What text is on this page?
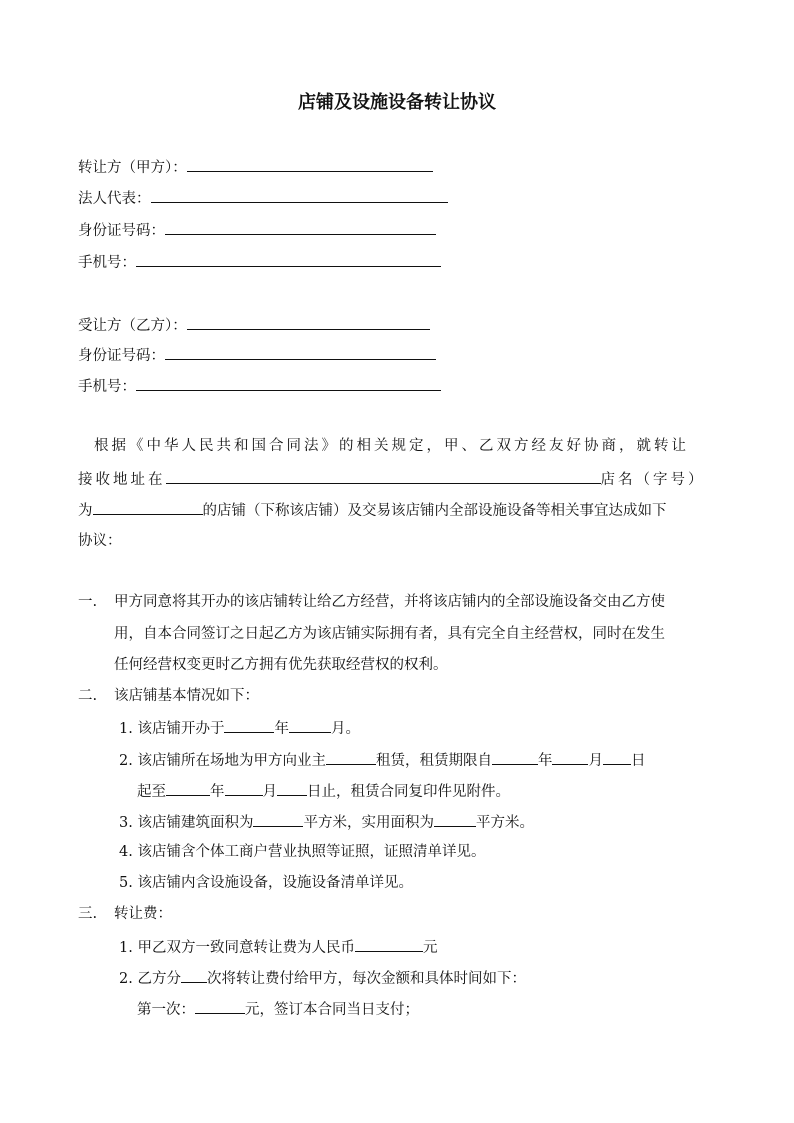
店铺及设施设备转让协议
转让方（甲方）：
法人代表：
身份证号码：
手机号：
受让方（乙方）：
身份证号码：
手机号：
根据《中华人民共和国合同法》的相关规定，甲、乙双方经友好协商，就转让
接收地址在	店名（字号）
为	的店铺（下称该店铺）及交易该店铺内全部设施设备等相关事宜达成如下
协议：
一. 甲方同意将其开办的该店铺转让给乙方经营，并将该店铺内的全部设施设备交由乙方使
用，自本合同签订之日起乙方为该店铺实际拥有者，具有完全自主经营权，同时在发生
任何经营权变更时乙方拥有优先获取经营权的权利。
二. 该店铺基本情况如下：
1. 该店铺开办于	年	月。
2. 该店铺所在场地为甲方向业主	租赁，租赁期限自	年 月 日
起至	年	月 日止，租赁合同复印件见附件。
3. 该店铺建筑面积为	平方米，实用面积为	平方米。
4. 该店铺含个体工商户营业执照等证照，证照清单详见。
5. 该店铺内含设施设备，设施设备清单详见。
三. 转让费：
1. 甲乙双方一致同意转让费为人民币	元
2. 乙方分 次将转让费付给甲方，每次金额和具体时间如下：
第一次：	元，签订本合同当日支付；
